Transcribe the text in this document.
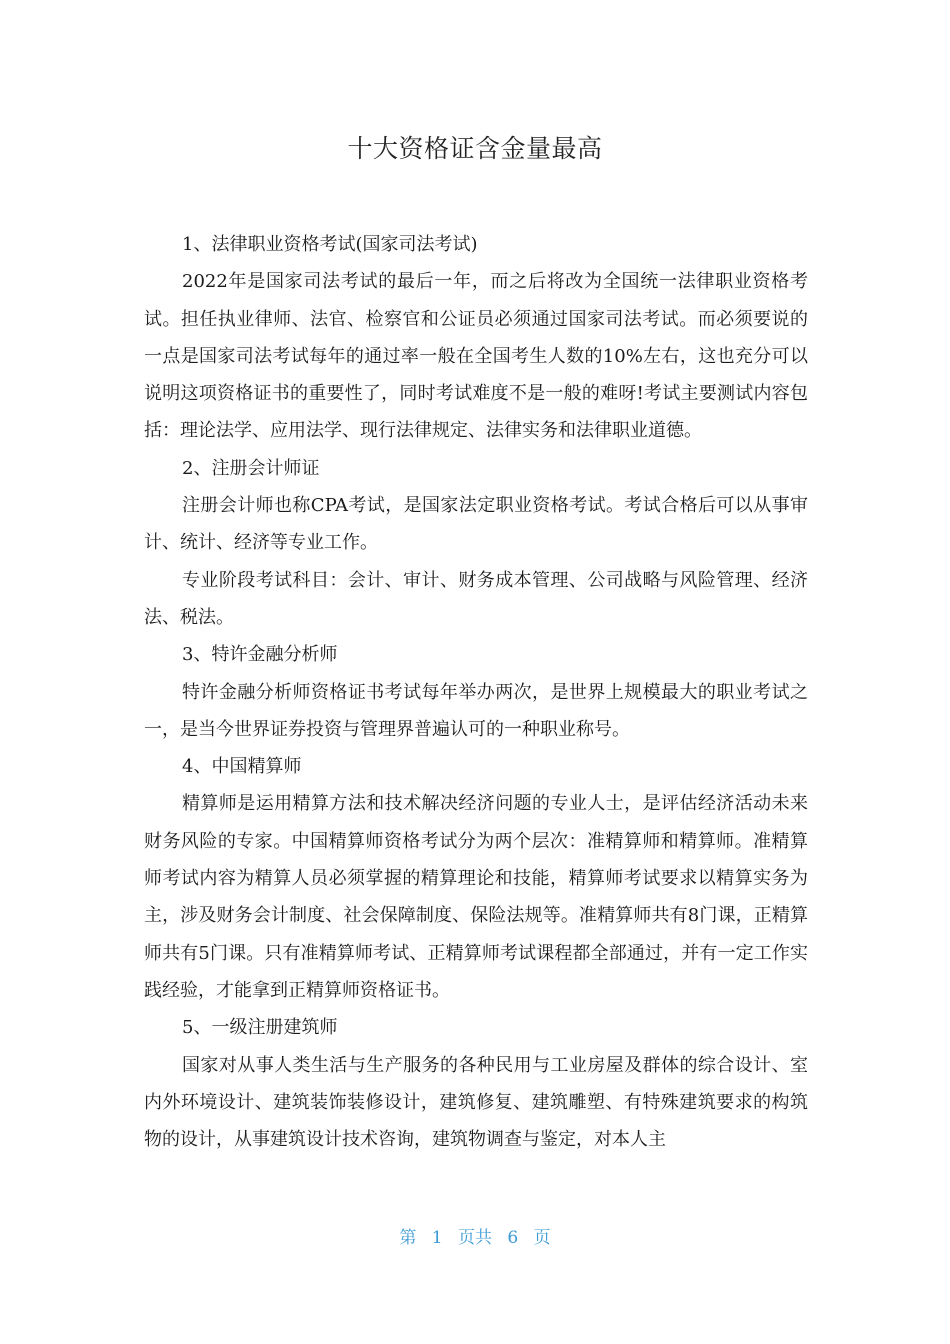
十大资格证含金量最高

1、法律职业资格考试(国家司法考试)

2022年是国家司法考试的最后一年，而之后将改为全国统一法律职业资格考试。担任执业律师、法官、检察官和公证员必须通过国家司法考试。而必须要说的一点是国家司法考试每年的通过率一般在全国考生人数的10%左右，这也充分可以说明这项资格证书的重要性了，同时考试难度不是一般的难呀!考试主要测试内容包括：理论法学、应用法学、现行法律规定、法律实务和法律职业道德。

2、注册会计师证

注册会计师也称CPA考试，是国家法定职业资格考试。考试合格后可以从事审计、统计、经济等专业工作。

专业阶段考试科目：会计、审计、财务成本管理、公司战略与风险管理、经济法、税法。

3、特许金融分析师

特许金融分析师资格证书考试每年举办两次，是世界上规模最大的职业考试之一，是当今世界证券投资与管理界普遍认可的一种职业称号。

4、中国精算师

精算师是运用精算方法和技术解决经济问题的专业人士，是评估经济活动未来财务风险的专家。中国精算师资格考试分为两个层次：准精算师和精算师。准精算师考试内容为精算人员必须掌握的精算理论和技能，精算师考试要求以精算实务为主，涉及财务会计制度、社会保障制度、保险法规等。准精算师共有8门课，正精算师共有5门课。只有准精算师考试、正精算师考试课程都全部通过，并有一定工作实践经验，才能拿到正精算师资格证书。

5、一级注册建筑师

国家对从事人类生活与生产服务的各种民用与工业房屋及群体的综合设计、室内外环境设计、建筑装饰装修设计，建筑修复、建筑雕塑、有特殊建筑要求的构筑物的设计，从事建筑设计技术咨询，建筑物调查与鉴定，对本人主

第 1 页共 6 页
